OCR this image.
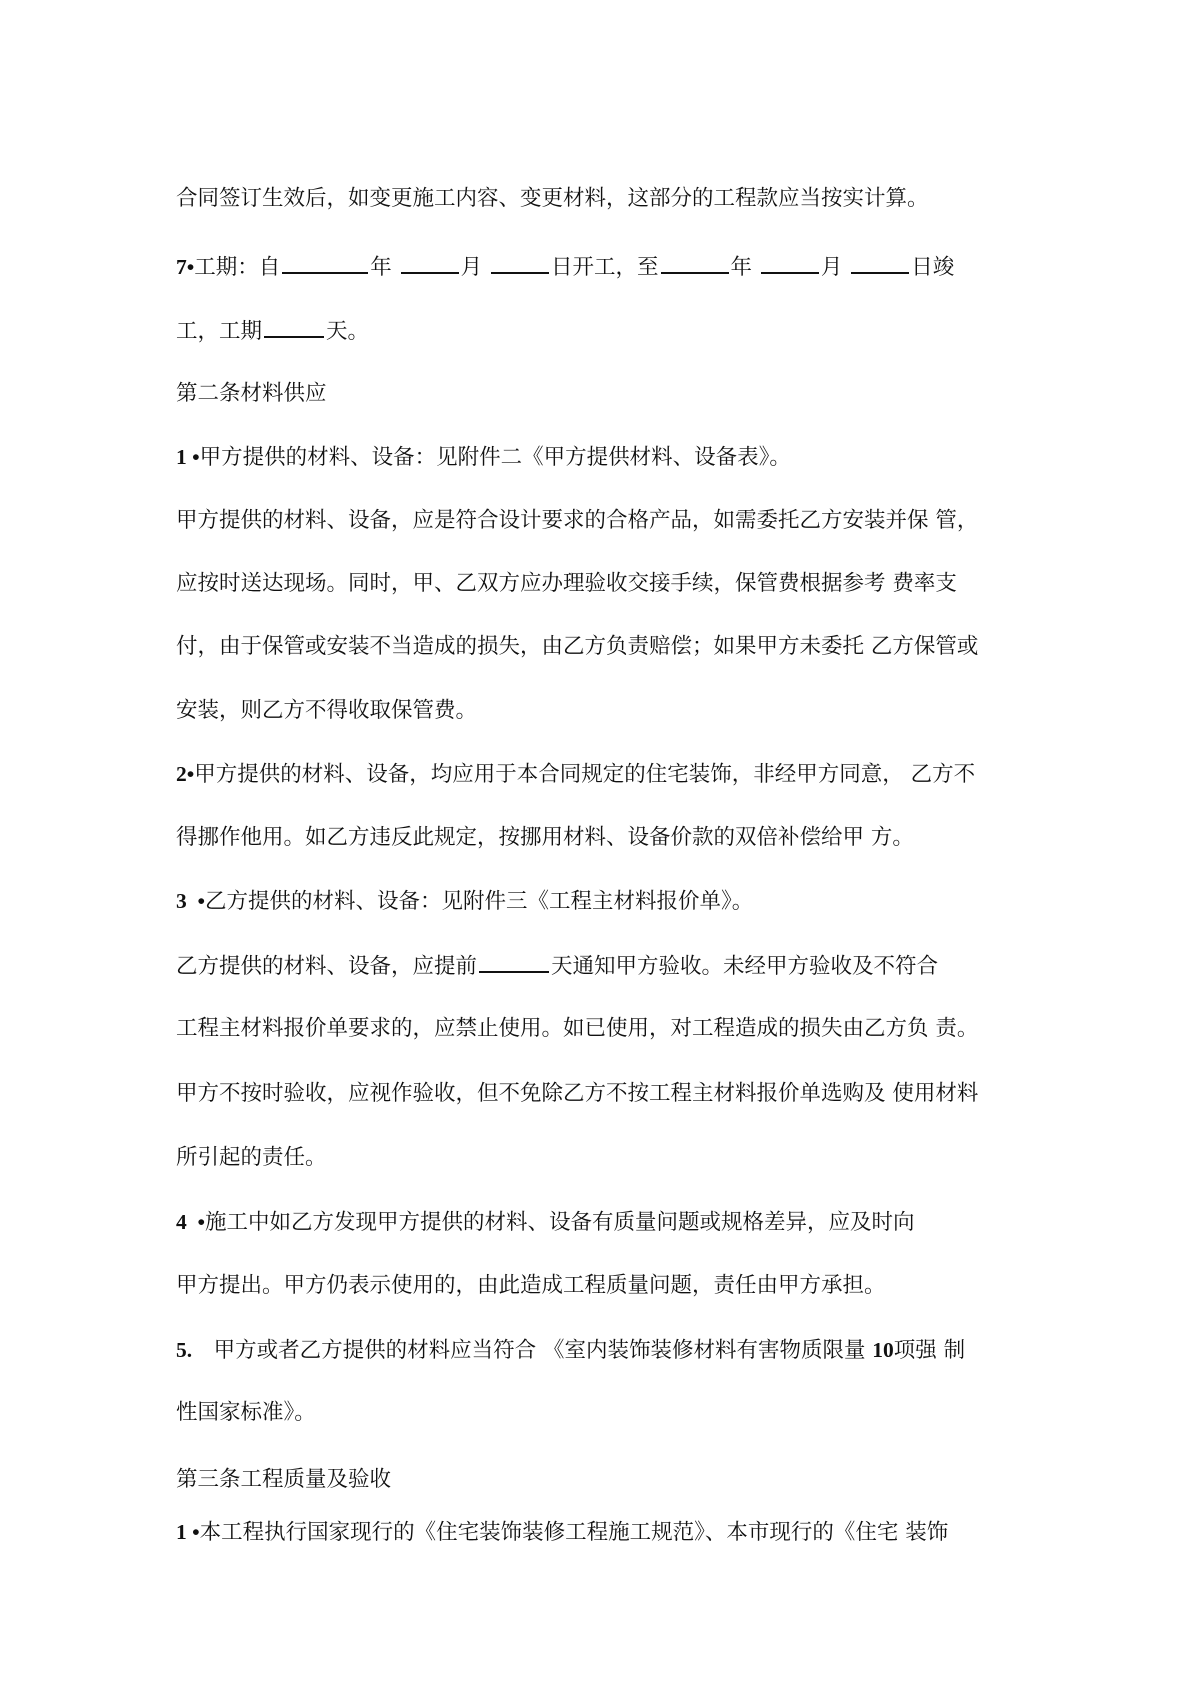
合同签订生效后，如变更施工内容、变更材料，这部分的工程款应当按实计算。
7•工期：自	年	月	日开工，至	年	月	日竣
工，工期	天。
第二条材料供应
1 •甲方提供的材料、设备：见附件二《甲方提供材料、设备表》。
甲方提供的材料、设备，应是符合设计要求的合格产品，如需委托乙方安装并保 管，
应按时送达现场。同时，甲、乙双方应办理验收交接手续，保管费根据参考 费率支
付，由于保管或安装不当造成的损失，由乙方负责赔偿；如果甲方未委托 乙方保管或
安装，则乙方不得收取保管费。
2•甲方提供的材料、设备，均应用于本合同规定的住宅装饰，非经甲方同意， 乙方不
得挪作他用。如乙方违反此规定，按挪用材料、设备价款的双倍补偿给甲 方。
3  •乙方提供的材料、设备：见附件三《工程主材料报价单》。
乙方提供的材料、设备，应提前	天通知甲方验收。未经甲方验收及不符合
工程主材料报价单要求的，应禁止使用。如已使用，对工程造成的损失由乙方负 责。
甲方不按时验收，应视作验收，但不免除乙方不按工程主材料报价单选购及 使用材料
所引起的责任。
4  •施工中如乙方发现甲方提供的材料、设备有质量问题或规格差异，应及时向
甲方提出。甲方仍表示使用的，由此造成工程质量问题，责任由甲方承担。
5.    甲方或者乙方提供的材料应当符合 《室内装饰装修材料有害物质限量 10项强 制
性国家标准》。
第三条工程质量及验收
1 •本工程执行国家现行的《住宅装饰装修工程施工规范》、本市现行的《住宅 装饰
